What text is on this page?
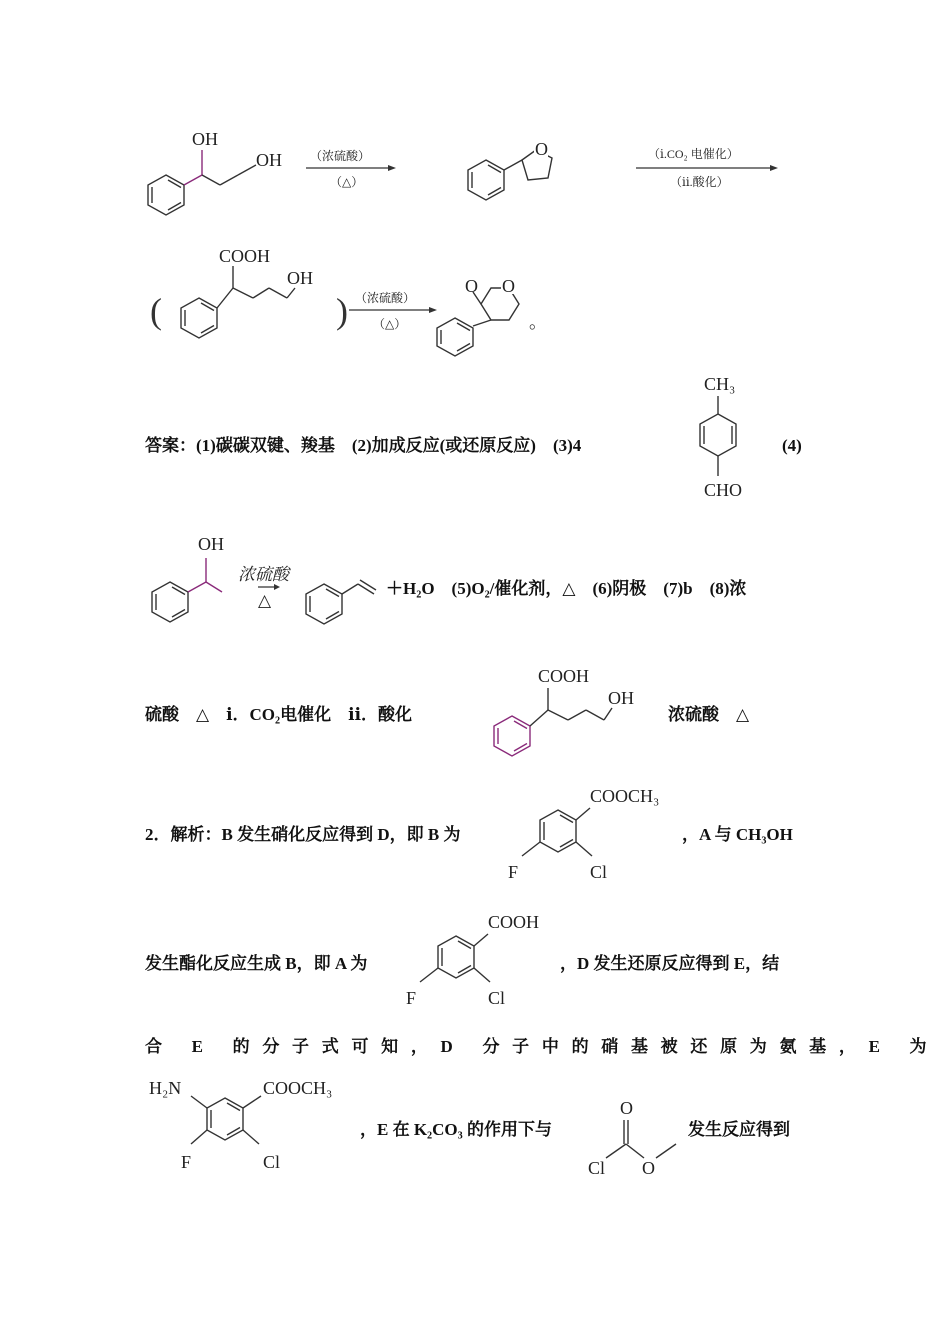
OH
OH （浓硫酸）
（△）
O	（ⅰ.CO₂ 电催化）
（ⅱ.酸化）
(
COOH
OH
) （浓硫酸）
（△）
O
O
。
答案：(1)碳碳双键、羧基　(2)加成反应(或还原反应)　(3)4	(4)
CH₃
CHO
OH
浓硫酸
△
＋H₂O　(5)O₂/催化剂，△　(6)阴极　(7)b　(8)浓
硫酸　△　ⅰ．CO₂电催化　ⅱ．酸化
COOH
OH
浓硫酸　△
2．解析：B 发生硝化反应得到 D，即 B 为
COOCH₃
F	Cl
，A 与 CH₃OH
发生酯化反应生成 B，即 A 为
COOH
F	Cl
，D 发生还原反应得到 E，结
合 E 的分子式可知，D 分子中的硝基被还原为氨基，E 为
H₂N	COOCH₃
F	Cl
，E 在 K₂CO₃ 的作用下与
O
Cl O
发生反应得到
